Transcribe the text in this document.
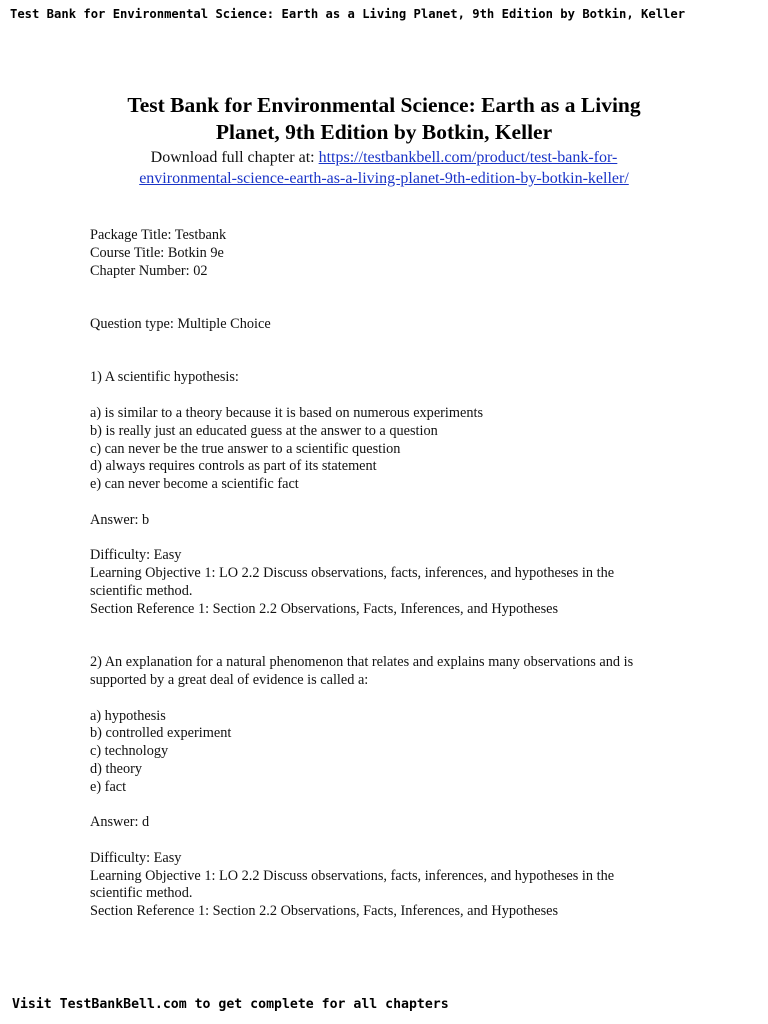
Test Bank for Environmental Science: Earth as a Living Planet, 9th Edition by Botkin, Keller
Test Bank for Environmental Science: Earth as a Living
Planet, 9th Edition by Botkin, Keller
Download full chapter at: https://testbankbell.com/product/test-bank-for-
environmental-science-earth-as-a-living-planet-9th-edition-by-botkin-keller/

Package Title: Testbank

Course Title: Botkin 9e

Chapter Number: 02

Question type: Multiple Choice

1) A scientific hypothesis:

a) is similar to a theory because it is based on numerous experiments

b) is really just an educated guess at the answer to a question

c) can never be the true answer to a scientific question

d) always requires controls as part of its statement

e) can never become a scientific fact

Answer: b

Difficulty: Easy

Learning Objective 1: LO 2.2 Discuss observations, facts, inferences, and hypotheses in the

scientific method.

Section Reference 1: Section 2.2 Observations, Facts, Inferences, and Hypotheses

2) An explanation for a natural phenomenon that relates and explains many observations and is

supported by a great deal of evidence is called a:

a) hypothesis

b) controlled experiment

c) technology

d) theory

e) fact

Answer: d

Difficulty: Easy

Learning Objective 1: LO 2.2 Discuss observations, facts, inferences, and hypotheses in the

scientific method.

Section Reference 1: Section 2.2 Observations, Facts, Inferences, and Hypotheses

Visit TestBankBell.com to get complete for all chapters
